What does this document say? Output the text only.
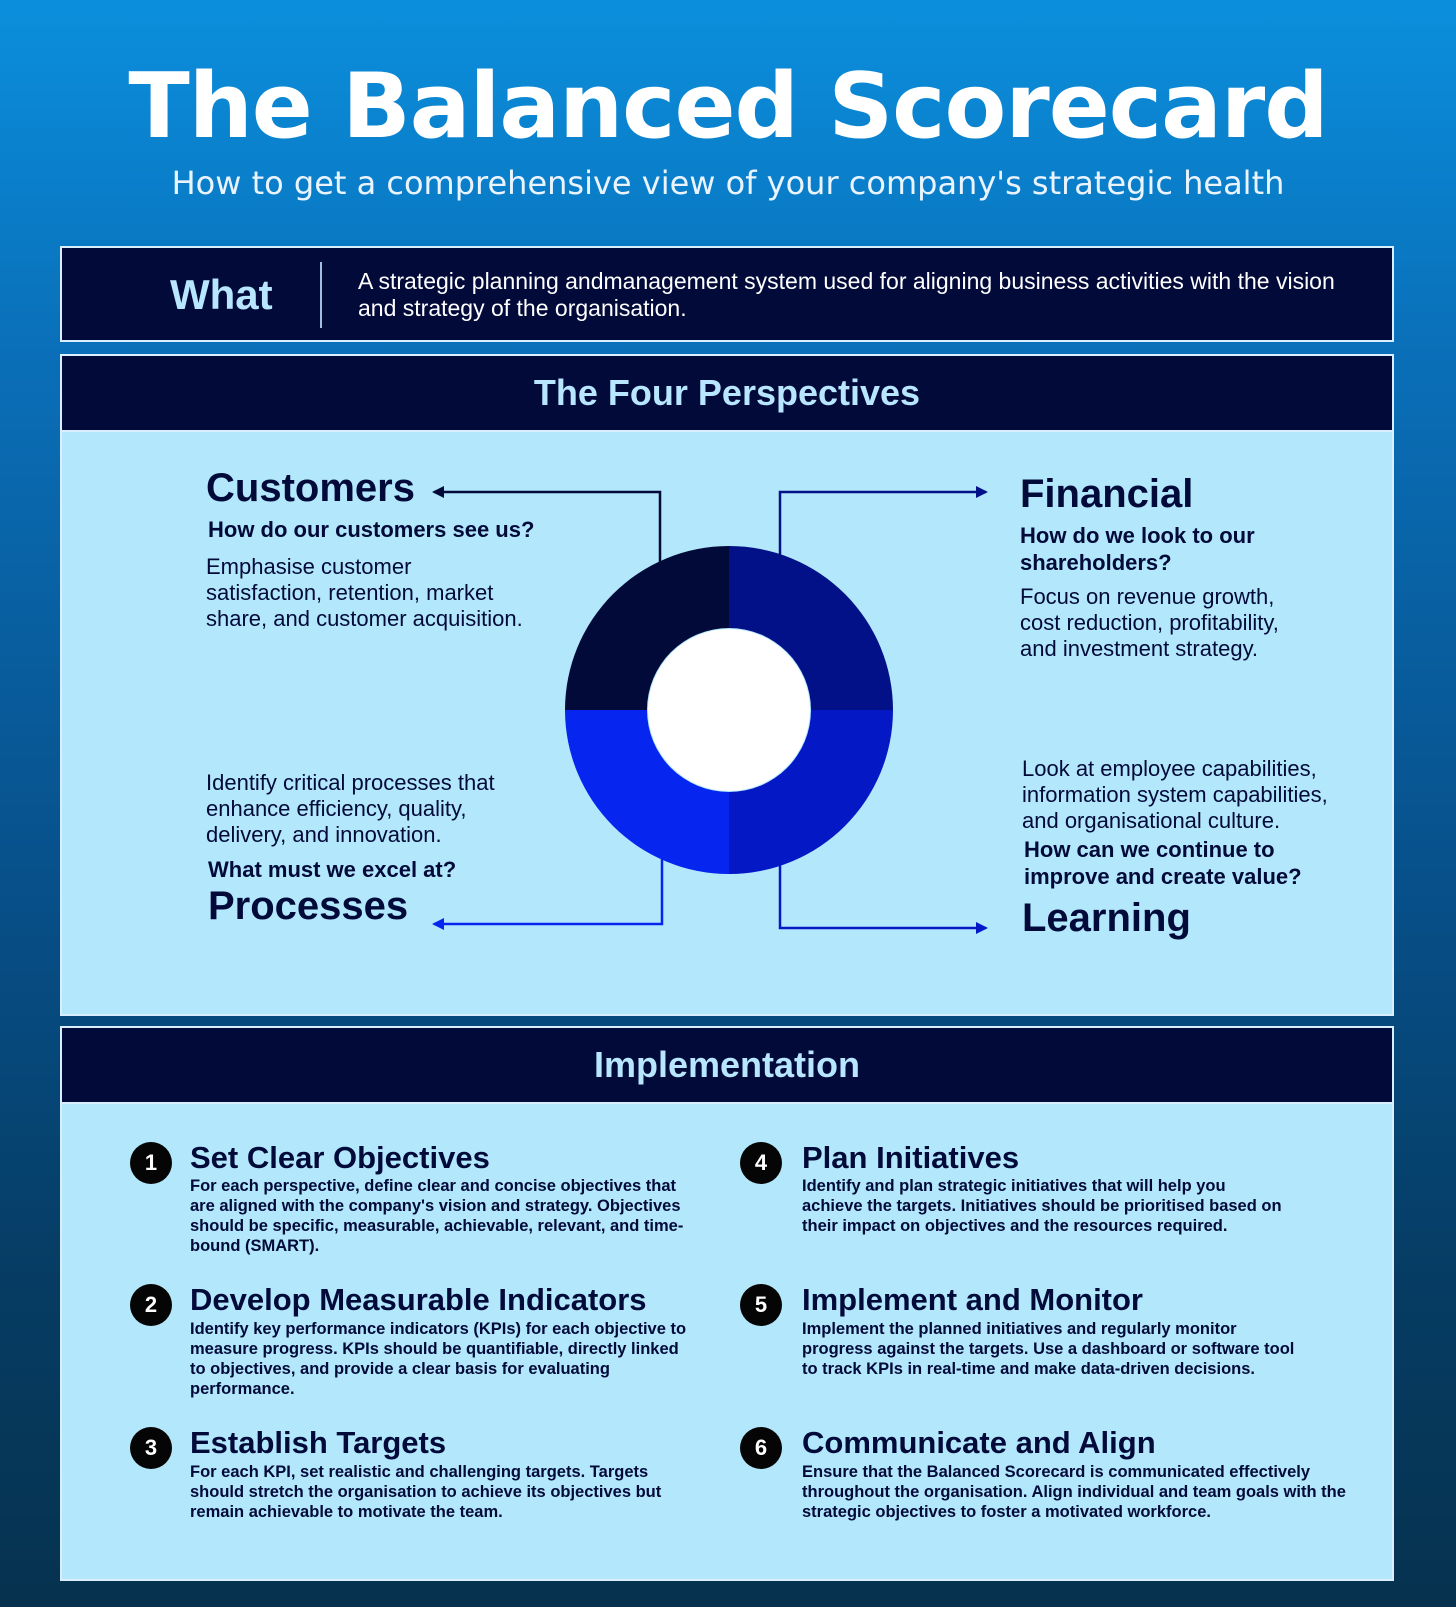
The Balanced Scorecard
How to get a comprehensive view of your company's strategic health
What	A strategic planning andmanagement system used for aligning business activities with the vision and strategy of the organisation.
The Four Perspectives
Customers
How do our customers see us?
Emphasise customer satisfaction, retention, market share, and customer acquisition.
Financial
How do we look to our shareholders?
Focus on revenue growth, cost reduction, profitability, and investment strategy.
Identify critical processes that enhance efficiency, quality, delivery, and innovation.
What must we excel at?
Processes
Look at employee capabilities, information system capabilities, and organisational culture.
How can we continue to improve and create value?
Learning
Implementation
1	Set Clear Objectives
For each perspective, define clear and concise objectives that are aligned with the company's vision and strategy. Objectives should be specific, measurable, achievable, relevant, and time-bound (SMART).
2	Develop Measurable Indicators
Identify key performance indicators (KPIs) for each objective to measure progress. KPIs should be quantifiable, directly linked to objectives, and provide a clear basis for evaluating performance.
3	Establish Targets
For each KPI, set realistic and challenging targets. Targets should stretch the organisation to achieve its objectives but remain achievable to motivate the team.
4	Plan Initiatives
Identify and plan strategic initiatives that will help you achieve the targets. Initiatives should be prioritised based on their impact on objectives and the resources required.
5	Implement and Monitor
Implement the planned initiatives and regularly monitor progress against the targets. Use a dashboard or software tool to track KPIs in real-time and make data-driven decisions.
6	Communicate and Align
Ensure that the Balanced Scorecard is communicated effectively throughout the organisation. Align individual and team goals with the strategic objectives to foster a motivated workforce.
